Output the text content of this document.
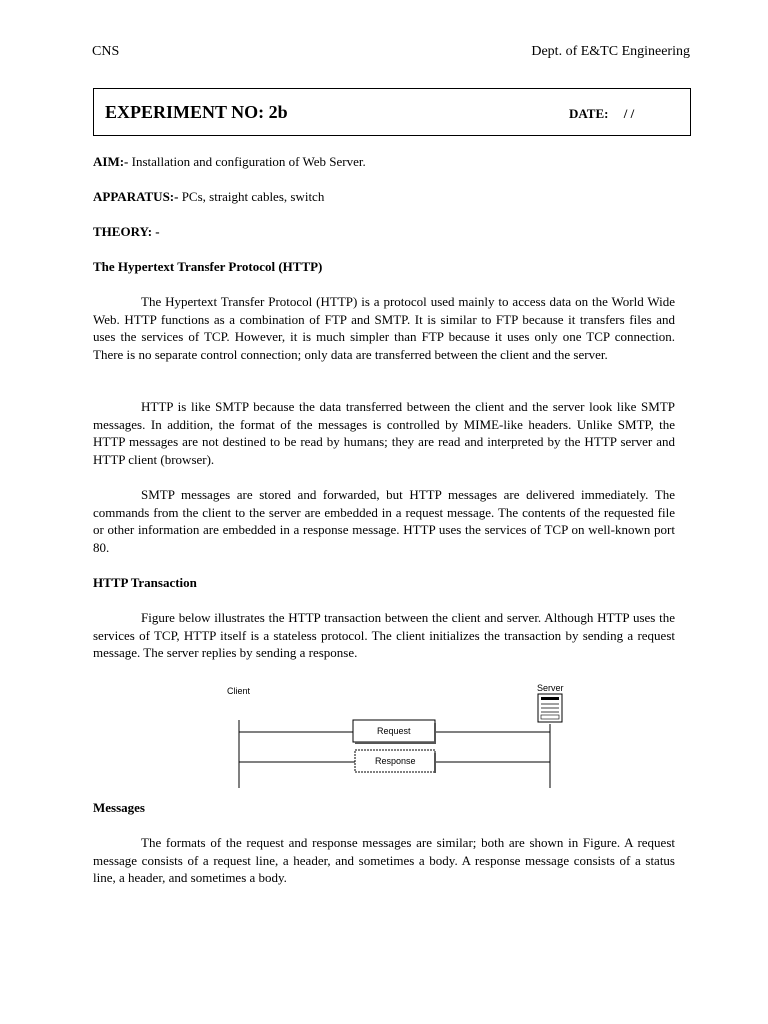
CNS	Dept. of E&TC Engineering
EXPERIMENT NO: 2b	DATE: / /
AIM:- Installation and configuration of Web Server.
APPARATUS:- PCs, straight cables, switch
THEORY: -
The Hypertext Transfer Protocol (HTTP)

The Hypertext Transfer Protocol (HTTP) is a protocol used mainly to access data on the World Wide Web. HTTP functions as a combination of FTP and SMTP. It is similar to FTP because it transfers files and uses the services of TCP. However, it is much simpler than FTP because it uses only one TCP connection. There is no separate control connection; only data are transferred between the client and the server.

HTTP is like SMTP because the data transferred between the client and the server look like SMTP messages. In addition, the format of the messages is controlled by MIME-like headers. Unlike SMTP, the HTTP messages are not destined to be read by humans; they are read and interpreted by the HTTP server and HTTP client (browser).

SMTP messages are stored and forwarded, but HTTP messages are delivered immediately. The commands from the client to the server are embedded in a request message. The contents of the requested file or other information are embedded in a response message. HTTP uses the services of TCP on well-known port 80.

HTTP Transaction

Figure below illustrates the HTTP transaction between the client and server. Although HTTP uses the services of TCP, HTTP itself is a stateless protocol. The client initializes the transaction by sending a request message. The server replies by sending a response.

Client	Server
Request
Response
Messages

The formats of the request and response messages are similar; both are shown in Figure. A request message consists of a request line, a header, and sometimes a body. A response message consists of a status line, a header, and sometimes a body.
